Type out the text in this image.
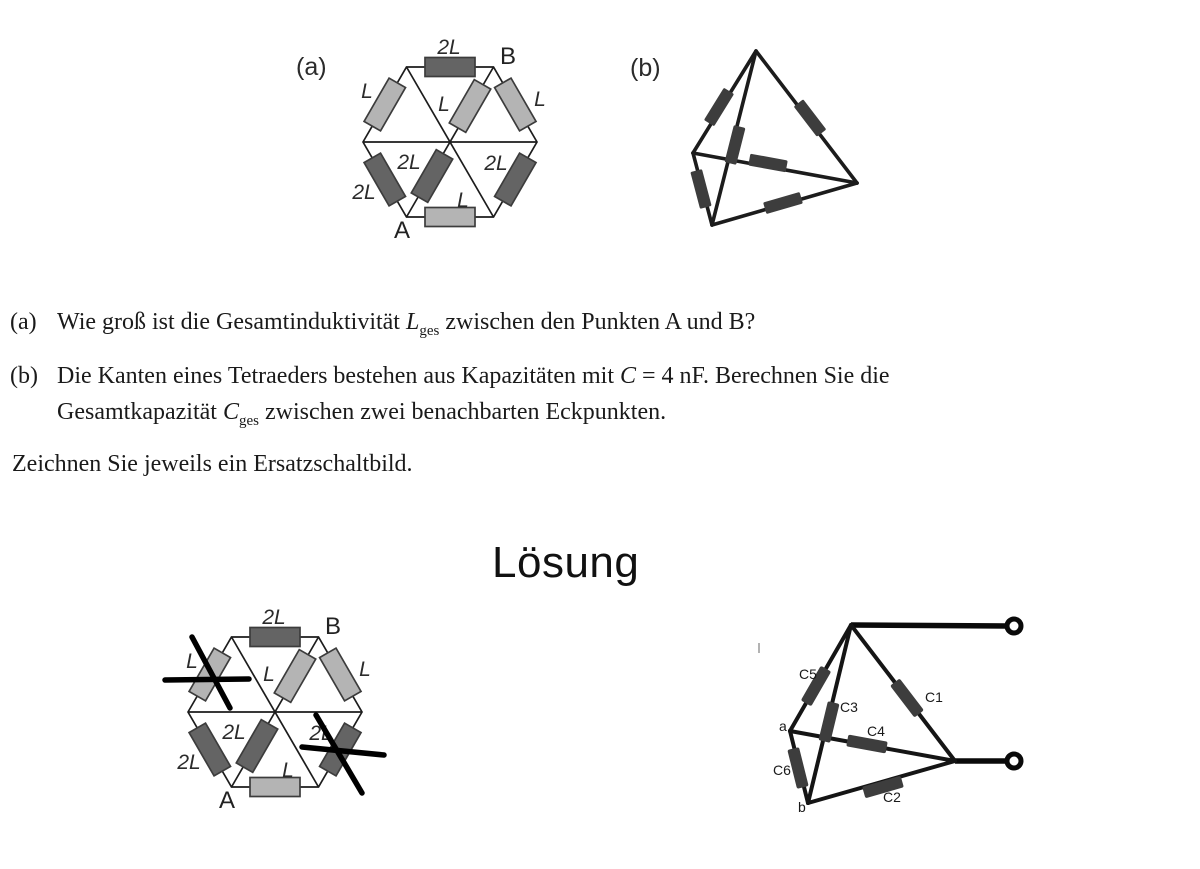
(a)
2L
L
L	L
2L
2L	2L
L
B
A
(b)
(a) Wie groß ist die Gesamtinduktivität $L_{ges}$ zwischen den Punkten A und B?
(b) Die Kanten eines Tetraeders bestehen aus Kapazitäten mit C = 4 nF. Berechnen Sie die
Gesamtkapazität $C_{ges}$ zwischen zwei benachbarten Eckpunkten.
Zeichnen Sie jeweils ein Ersatzschaltbild.
Lösung
2L
L
L	L
2L
2L	2L
L
B
A
C5
C3
C1
C4
C6
C2
a
b
